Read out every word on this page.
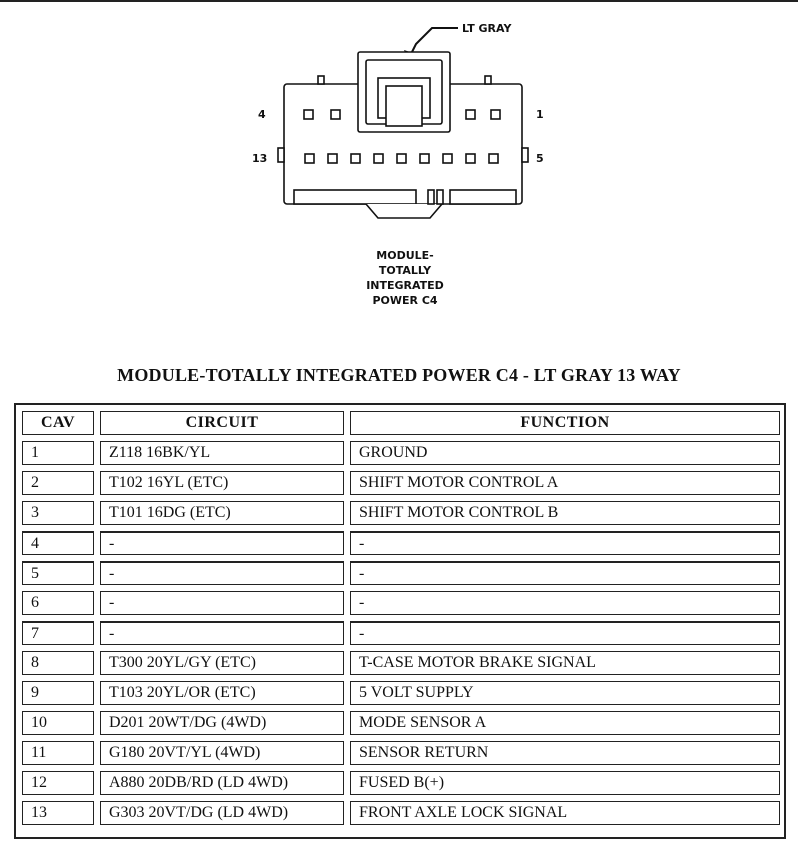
LT GRAY
4	1
13	5
MODULE-
TOTALLY
INTEGRATED
POWER C4
MODULE-TOTALLY INTEGRATED POWER C4 - LT GRAY 13 WAY
CAV	CIRCUIT	FUNCTION
1	Z118 16BK/YL	GROUND
2	T102 16YL (ETC)	SHIFT MOTOR CONTROL A
3	T101 16DG (ETC)	SHIFT MOTOR CONTROL B
4	-	-
5	-	-
6	-	-
7	-	-
8	T300 20YL/GY (ETC)	T-CASE MOTOR BRAKE SIGNAL
9	T103 20YL/OR (ETC)	5 VOLT SUPPLY
10	D201 20WT/DG (4WD)	MODE SENSOR A
11	G180 20VT/YL (4WD)	SENSOR RETURN
12	A880 20DB/RD (LD 4WD)	FUSED B(+)
13	G303 20VT/DG (LD 4WD)	FRONT AXLE LOCK SIGNAL
